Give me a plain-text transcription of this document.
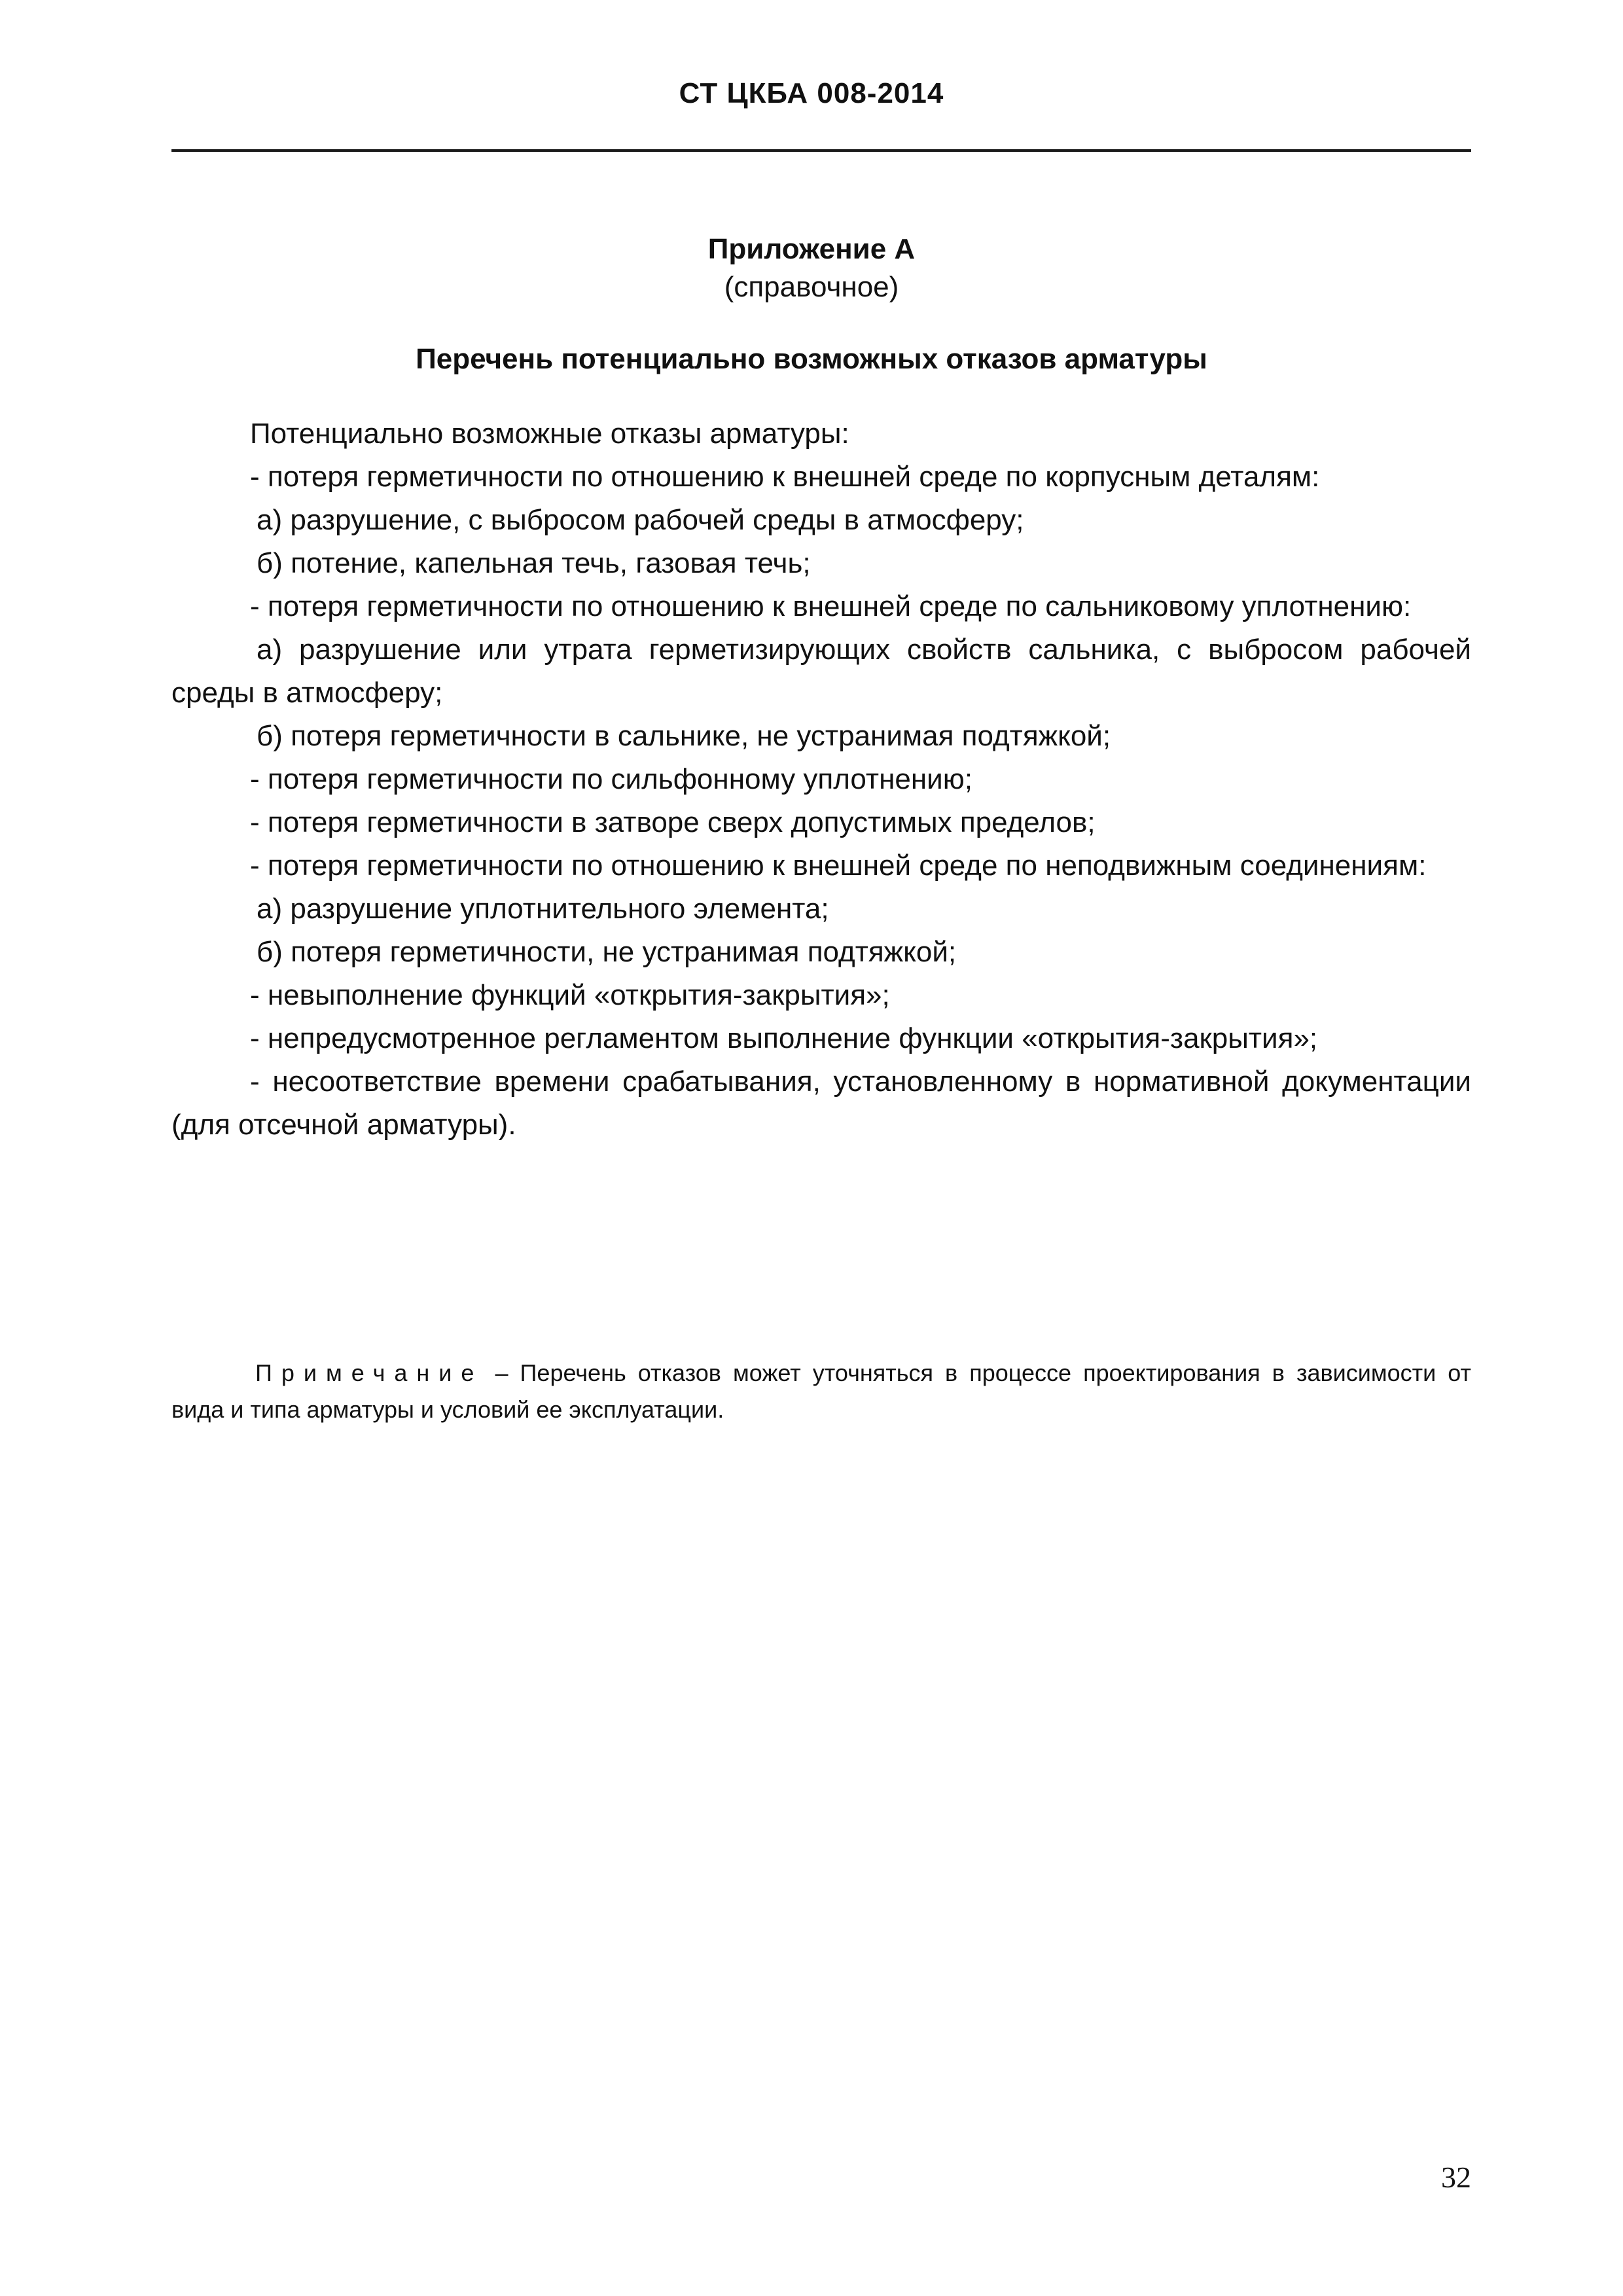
СТ ЦКБА 008-2014
Приложение А
(справочное)
Перечень потенциально возможных отказов арматуры

Потенциально возможные отказы арматуры:

- потеря герметичности по отношению к внешней среде по корпусным деталям:

а) разрушение, с выбросом рабочей среды в атмосферу;

б) потение, капельная течь, газовая течь;

- потеря герметичности по отношению к внешней среде по сальниковому уплотнению:

а) разрушение или утрата герметизирующих свойств сальника, с выбросом рабочей среды в атмосферу;

б) потеря герметичности в сальнике, не устранимая подтяжкой;

- потеря герметичности по сильфонному уплотнению;

- потеря герметичности в затворе сверх допустимых пределов;

- потеря герметичности по отношению к внешней среде по неподвижным соединениям:

а) разрушение уплотнительного элемента;

б) потеря герметичности, не устранимая подтяжкой;

- невыполнение функций «открытия-закрытия»;

- непредусмотренное регламентом выполнение функции «открытия-закрытия»;

- несоответствие времени срабатывания, установленному в нормативной документации (для отсечной арматуры).

Примечание – Перечень отказов может уточняться в процессе проектирования в зависимости от вида и типа арматуры и условий ее эксплуатации.

32
